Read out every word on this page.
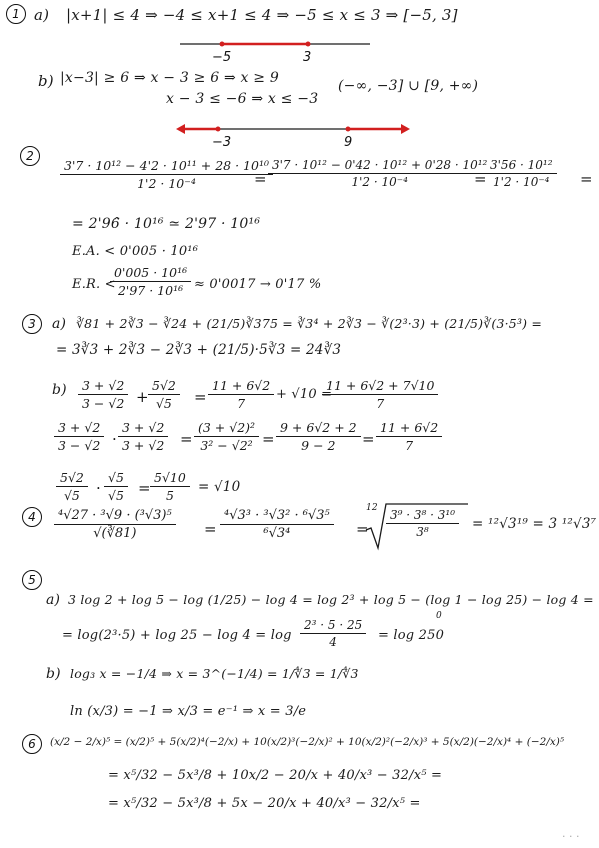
1 a) |x+1| ≤ 4 ⇒ −4 ≤ x+1 ≤ 4 ⇒ −5 ≤ x ≤ 3 ⇒ [−5, 3]
−5	3
b) |x−3| ≥ 6 ⇒ x − 3 ≥ 6 ⇒ x ≥ 9
x − 3 ≤ −6 ⇒ x ≤ −3
(−∞, −3] ∪ [9, +∞)
−3	9
2
$\frac{\text{3'7 · 10¹² − 4'2 · 10¹¹ + 28 · 10¹⁰}}{\text{1'2 · 10⁻⁴}}$
= $\frac{\text{3'7 · 10¹² − 0'42 · 10¹² + 0'28 · 10¹²}}{\text{1'2 · 10⁻⁴}}$
= $\frac{\text{3'56 · 10¹²}}{\text{1'2 · 10⁻⁴}}$ =
= 2'96̂ · 10¹⁶ ≃ 2'97 · 10¹⁶
E.A. < 0'005 · 10¹⁶
E.R. <
$\frac{\text{0'005 · 10¹⁶}}{\text{2'97 · 10¹⁶}} \approx 0'0017 \to 0'17$ %
3	a) ∛81 + 2∛3 − ∛24 + (21/5)∛375 = ∛3⁴ + 2∛3 − ∛(2³·3) + (21/5)∛(3·5³) =
= 3∛3 + 2∛3 − 2∛3 + (21/5)·5∛3 = 24∛3
$b) \frac{3 + √2}{3 - √2} + \frac{5√2}{√5} = \frac{11 + 6√2}{7} + √10$ =
$\frac{11 + 6√2 + 7√10}{7}$
$\frac{3 + √2}{3 - √2} \cdot \frac{3 + √2}{3 + √2} = \frac{\text{(3 + √2)²}}{\text{3² − √2²}} = \frac{9 + 6√2 + 2}{9 - 2} = \frac{11 + 6√2}{7}$
$\frac{5√2}{√5} \cdot \frac{√5}{√5} = \frac{5√10}{5} = √10$
4	$\frac{\text{⁴√27 · ³√9 · (³√3)⁵}}{√(∛81)} = \frac{\text{⁴√3³ · ³√3² · ⁶√3⁵}}{\text{⁶√3⁴}}$ =
$12 \frac{\text{3⁹ · 3⁸ · 3¹⁰}}{\text{3⁸}} = ^{12}√3^{19} = 3$ ¹²√3⁷
5
a) 3 log 2 + log 5 − log (1/25) − log 4 = log 2³ + log 5 − (log 1 − log 25) − log 4 =
0
= $\log(2^3\cdot 5) + \log 25 - \log 4 = \log \frac{\text{2³ · 5 · 25}}{4} = \log 250$
b) log₃ x = −1/4 ⇒ x = 3^(−1/4) = 1/∜3 = 1/∜3
ln (x/3) = −1 ⇒ x/3 = e⁻¹ ⇒ x = 3/e
6	(x/2 − 2/x)⁵ = (x/2)⁵ + 5(x/2)⁴(−2/x) + 10(x/2)³(−2/x)² + 10(x/2)²(−2/x)³ + 5(x/2)(−2/x)⁴ + (−2/x)⁵
= x⁵/32 − 5x³/8 + 10x/2 − 20/x + 40/x³ − 32/x⁵ =
= x⁵/32 − 5x³/8 + 5x − 20/x + 40/x³ − 32/x⁵ =
· · ·
